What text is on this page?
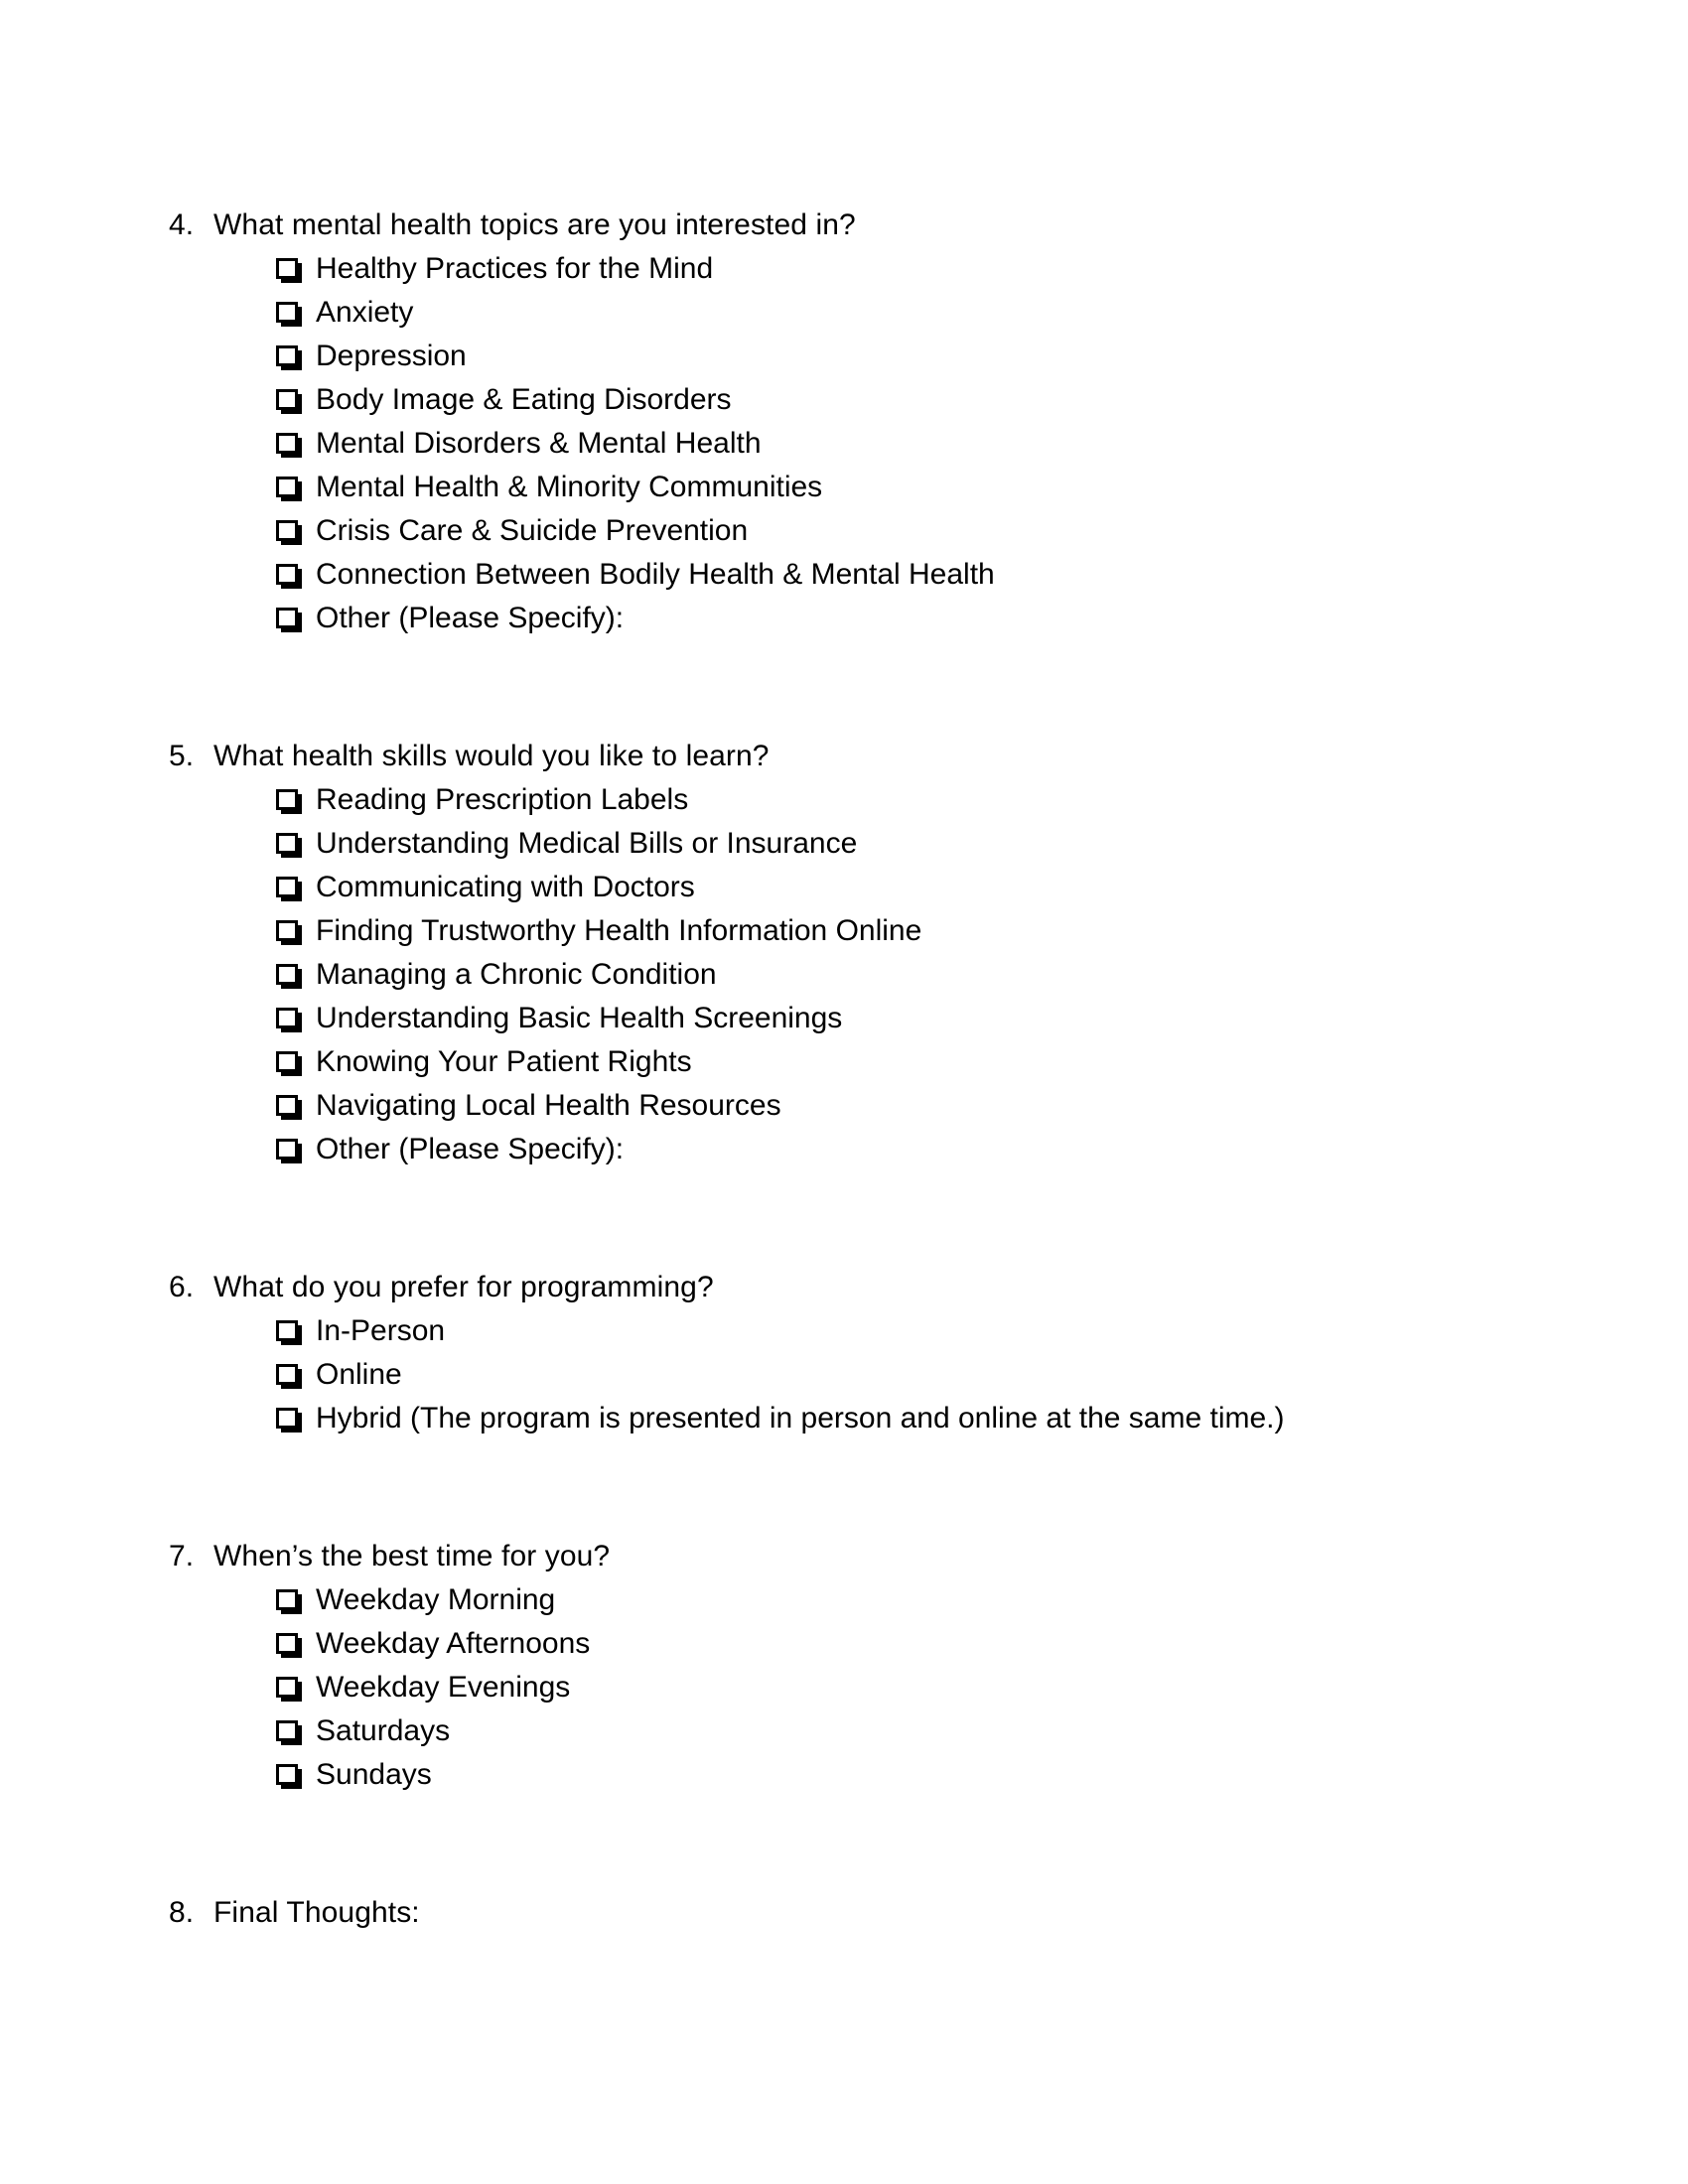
4. What mental health topics are you interested in?
Healthy Practices for the Mind
Anxiety
Depression
Body Image & Eating Disorders
Mental Disorders & Mental Health
Mental Health & Minority Communities
Crisis Care & Suicide Prevention
Connection Between Bodily Health & Mental Health
Other (Please Specify):
5. What health skills would you like to learn?
Reading Prescription Labels
Understanding Medical Bills or Insurance
Communicating with Doctors
Finding Trustworthy Health Information Online
Managing a Chronic Condition
Understanding Basic Health Screenings
Knowing Your Patient Rights
Navigating Local Health Resources
Other (Please Specify):
6. What do you prefer for programming?
In-Person
Online
Hybrid (The program is presented in person and online at the same time.)
7. When’s the best time for you?
Weekday Morning
Weekday Afternoons
Weekday Evenings
Saturdays
Sundays
8. Final Thoughts:
